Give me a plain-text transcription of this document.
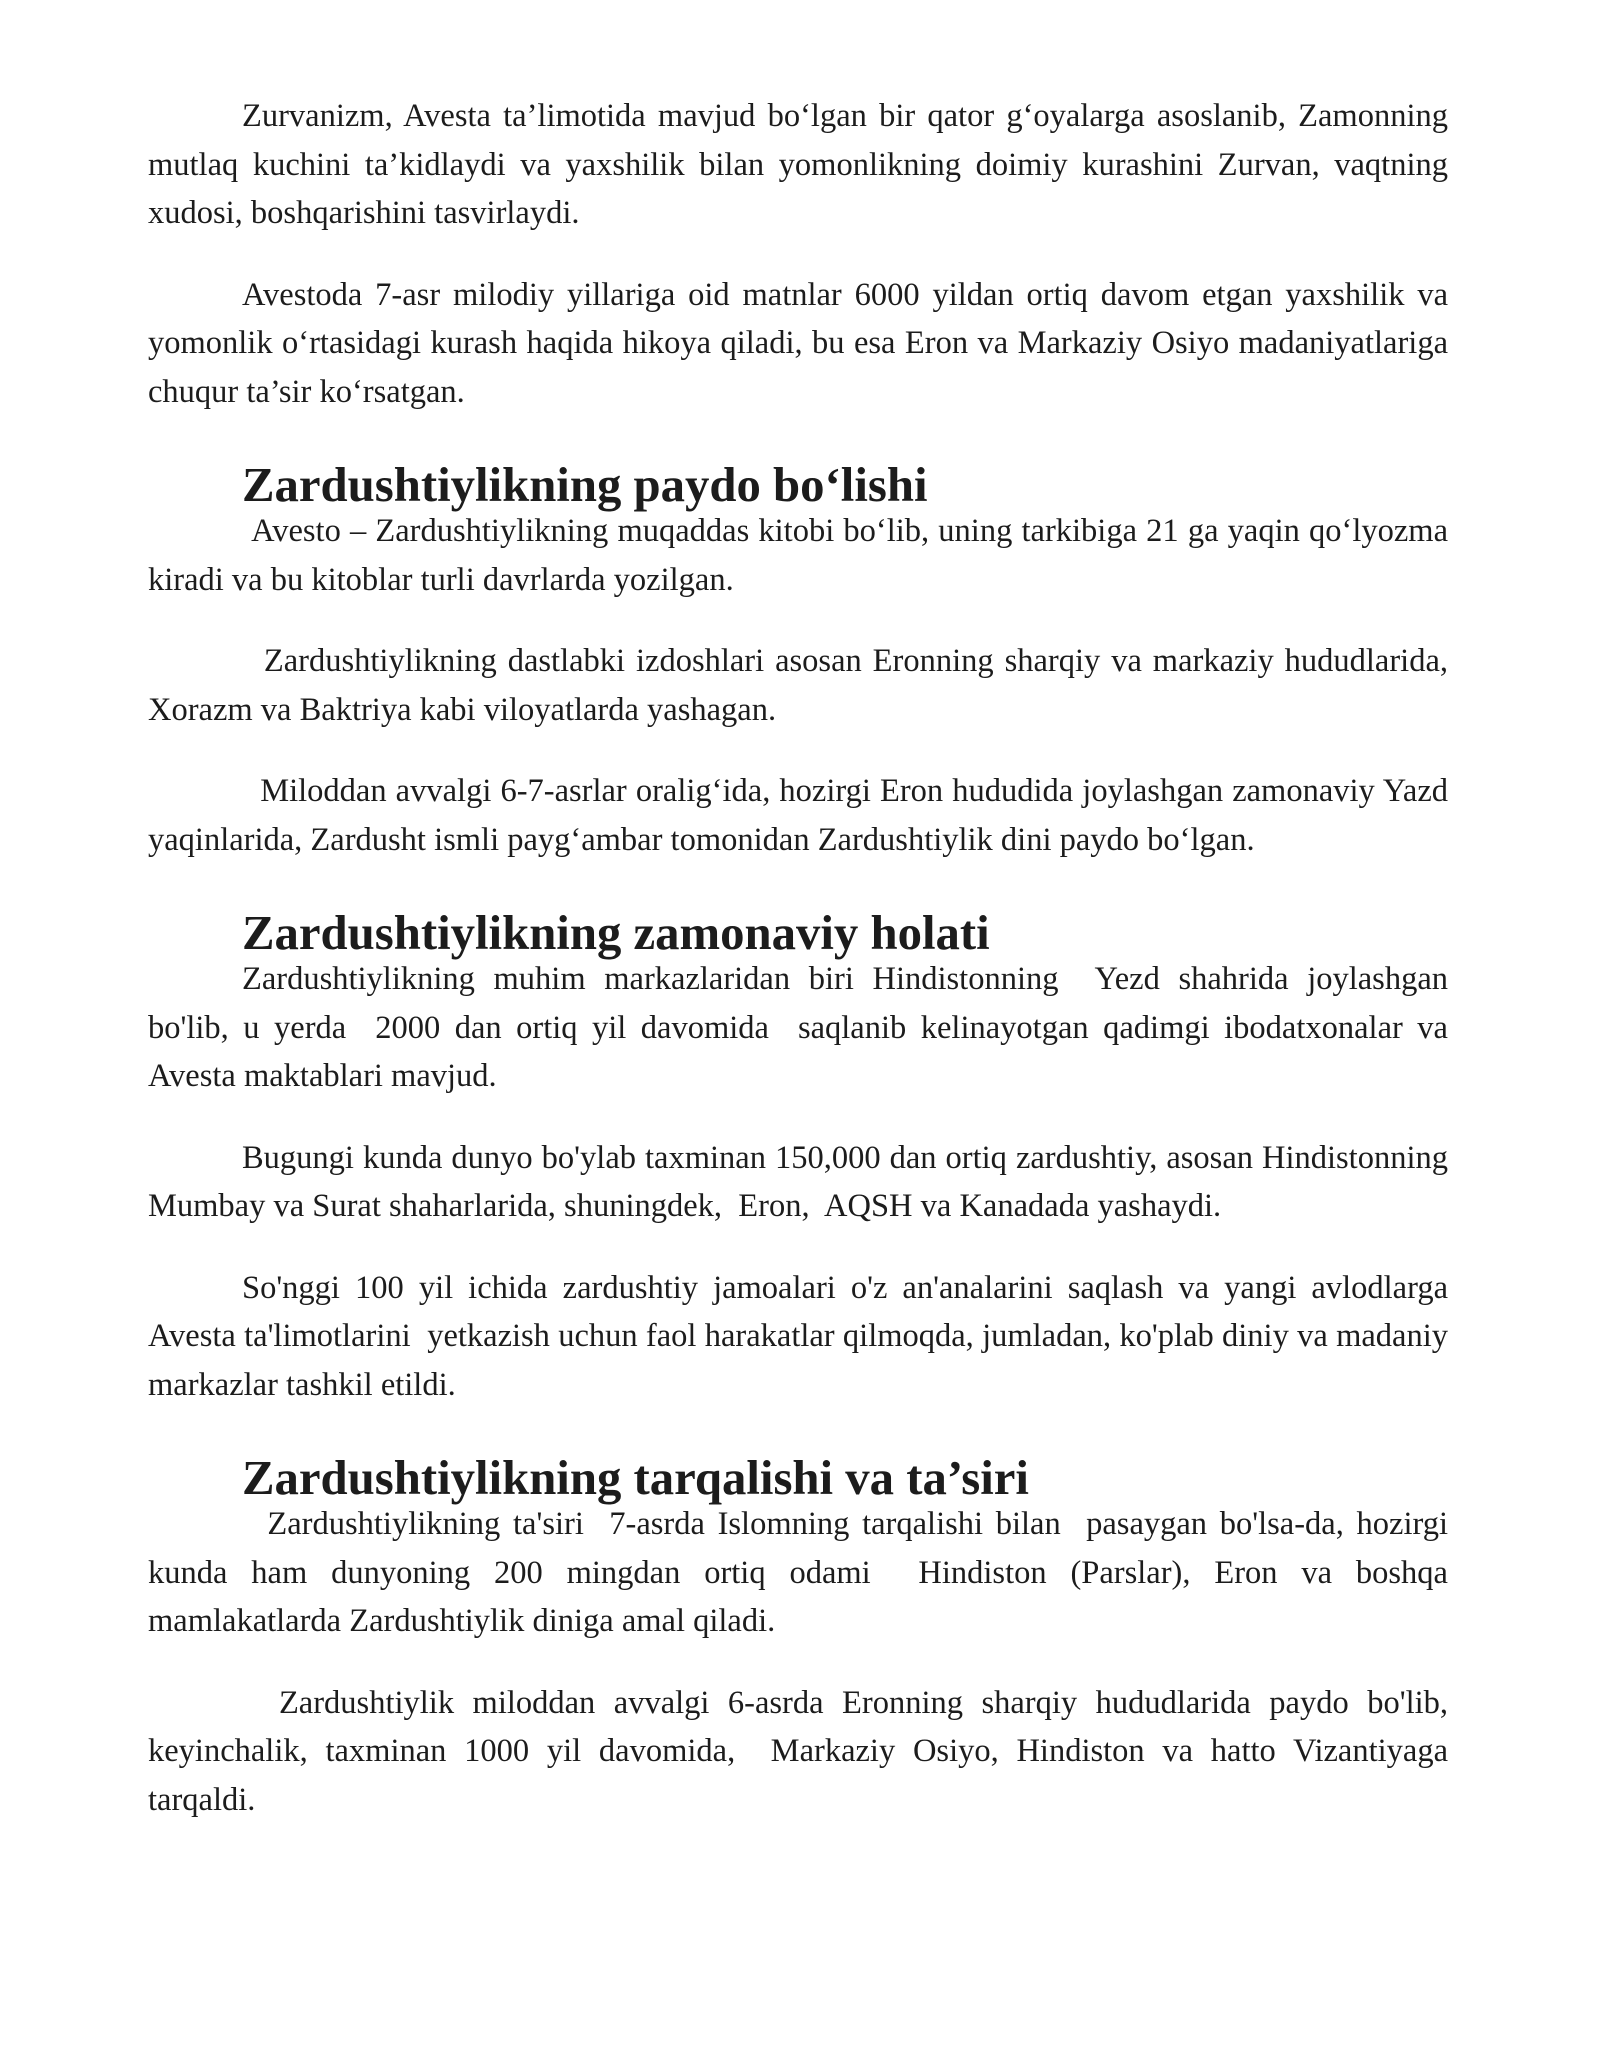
Zurvanizm, Avesta ta’limotida mavjud bo‘lgan bir qator g‘oyalarga asoslanib, Zamonning mutlaq kuchini ta’kidlaydi va yaxshilik bilan yomonlikning doimiy kurashini Zurvan, vaqtning xudosi, boshqarishini tasvirlaydi.

Avestoda 7-asr milodiy yillariga oid matnlar 6000 yildan ortiq davom etgan yaxshilik va yomonlik o‘rtasidagi kurash haqida hikoya qiladi, bu esa Eron va Markaziy Osiyo madaniyatlariga chuqur ta’sir ko‘rsatgan.

Zardushtiylikning paydo bo‘lishi

Avesto – Zardushtiylikning muqaddas kitobi bo‘lib, uning tarkibiga 21 ga yaqin qo‘lyozma kiradi va bu kitoblar turli davrlarda yozilgan.

Zardushtiylikning dastlabki izdoshlari asosan Eronning sharqiy va markaziy hududlarida,  Xorazm va Baktriya kabi viloyatlarda yashagan.

Miloddan avvalgi 6-7-asrlar oralig‘ida, hozirgi Eron hududida joylashgan zamonaviy Yazd yaqinlarida, Zardusht ismli payg‘ambar tomonidan Zardushtiylik dini paydo bo‘lgan.

Zardushtiylikning zamonaviy holati

Zardushtiylikning muhim markazlaridan biri Hindistonning  Yezd shahrida joylashgan bo'lib, u yerda  2000 dan ortiq yil davomida  saqlanib kelinayotgan qadimgi ibodatxonalar va  Avesta maktablari mavjud.

Bugungi kunda dunyo bo'ylab taxminan 150,000 dan ortiq zardushtiy, asosan Hindistonning Mumbay va Surat shaharlarida, shuningdek,  Eron,  AQSH va Kanadada yashaydi.

So'nggi 100 yil ichida zardushtiy jamoalari o'z an'analarini saqlash va yangi avlodlarga  Avesta ta'limotlarini  yetkazish uchun faol harakatlar qilmoqda, jumladan, ko'plab diniy va madaniy markazlar tashkil etildi.

Zardushtiylikning tarqalishi va ta’siri

Zardushtiylikning ta'siri  7-asrda Islomning tarqalishi bilan  pasaygan bo'lsa-da, hozirgi kunda ham dunyoning 200 mingdan ortiq odami  Hindiston (Parslar), Eron va boshqa mamlakatlarda Zardushtiylik diniga amal qiladi.

Zardushtiylik miloddan avvalgi 6-asrda Eronning sharqiy hududlarida paydo bo'lib, keyinchalik, taxminan 1000 yil davomida,  Markaziy Osiyo, Hindiston va hatto Vizantiyaga tarqaldi.
